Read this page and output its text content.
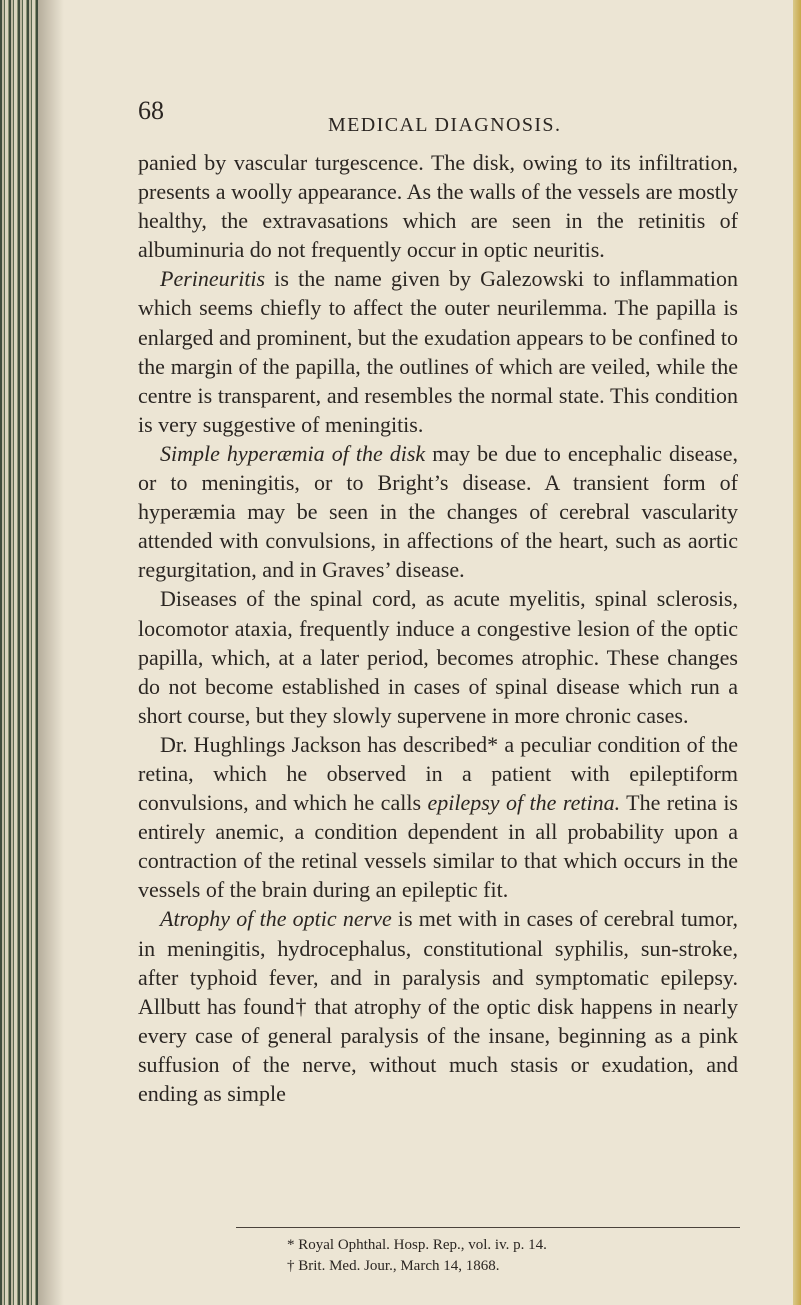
68	MEDICAL DIAGNOSIS.

panied by vascular turgescence. The disk, owing to its infiltration, presents a woolly appearance. As the walls of the vessels are mostly healthy, the extravasations which are seen in the retinitis of albuminuria do not frequently occur in optic neuritis.

Perineuritis is the name given by Galezowski to inflammation which seems chiefly to affect the outer neurilemma. The papilla is enlarged and prominent, but the exudation appears to be confined to the margin of the papilla, the outlines of which are veiled, while the centre is transparent, and resembles the normal state. This condition is very suggestive of meningitis.

Simple hyperæmia of the disk may be due to encephalic disease, or to meningitis, or to Bright’s disease. A transient form of hyperæmia may be seen in the changes of cerebral vascularity attended with convulsions, in affections of the heart, such as aortic regurgitation, and in Graves’ disease.

Diseases of the spinal cord, as acute myelitis, spinal sclerosis, locomotor ataxia, frequently induce a congestive lesion of the optic papilla, which, at a later period, becomes atrophic. These changes do not become established in cases of spinal disease which run a short course, but they slowly supervene in more chronic cases.

Dr. Hughlings Jackson has described* a peculiar condition of the retina, which he observed in a patient with epileptiform convulsions, and which he calls epilepsy of the retina. The retina is entirely anemic, a condition dependent in all probability upon a contraction of the retinal vessels similar to that which occurs in the vessels of the brain during an epileptic fit.

Atrophy of the optic nerve is met with in cases of cerebral tumor, in meningitis, hydrocephalus, constitutional syphilis, sun-stroke, after typhoid fever, and in paralysis and symptomatic epilepsy. Allbutt has found† that atrophy of the optic disk happens in nearly every case of general paralysis of the insane, beginning as a pink suffusion of the nerve, without much stasis or exudation, and ending as simple

* Royal Ophthal. Hosp. Rep., vol. iv. p. 14.
† Brit. Med. Jour., March 14, 1868.
